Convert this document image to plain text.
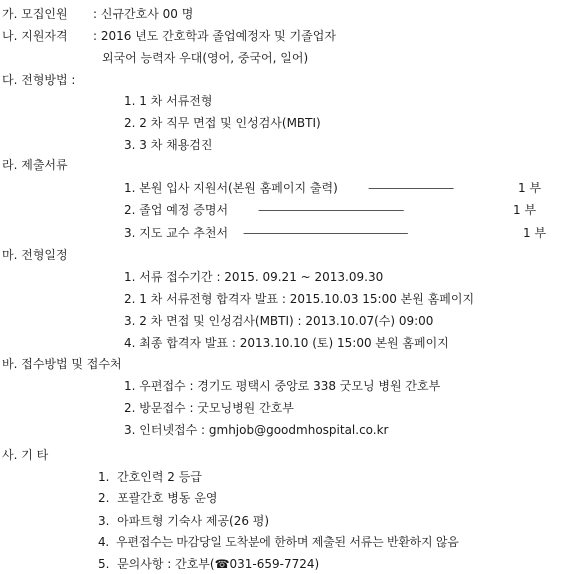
가. 모집인원 : 신규간호사 00 명
나. 지원자격 : 2016 년도 간호학과 졸업예정자 및 기졸업자
외국어 능력자 우대(영어, 중국어, 일어)
다. 전형방법 :
1. 1 차 서류전형
2. 2 차 직무 면접 및 인성검사(MBTI)
3. 3 차 채용검진
라. 제출서류
1. 본원 입사 지원서(본원 홈페이지 출력)	-------------------------------	1 부
2. 졸업 예정 증명서 -----------------------------------------------------	1 부
3. 지도 교수 추천서 ------------------------------------------------------------	1 부
마. 전형일정
1. 서류 접수기간 : 2015. 09.21 ~ 2013.09.30
2. 1 차 서류전형 합격자 발표 : 2015.10.03 15:00 본원 홈페이지
3. 2 차 면접 및 인성검사(MBTI) : 2013.10.07(수) 09:00
4. 최종 합격자 발표 : 2013.10.10 (토) 15:00 본원 홈페이지
바. 접수방법 및 접수처
1. 우편접수 : 경기도 평택시 중앙로 338 굿모닝 병원 간호부
2. 방문접수 : 굿모닝병원 간호부
3. 인터넷접수 : gmhjob@goodmhospital.co.kr
사. 기 타
1.  간호인력 2 등급
2.  포괄간호 병동 운영
3.  아파트형 기숙사 제공(26 평)
4.  우편접수는 마감당일 도착분에 한하며 제출된 서류는 반환하지 않음
5.  문의사항 : 간호부(☎031-659-7724)
